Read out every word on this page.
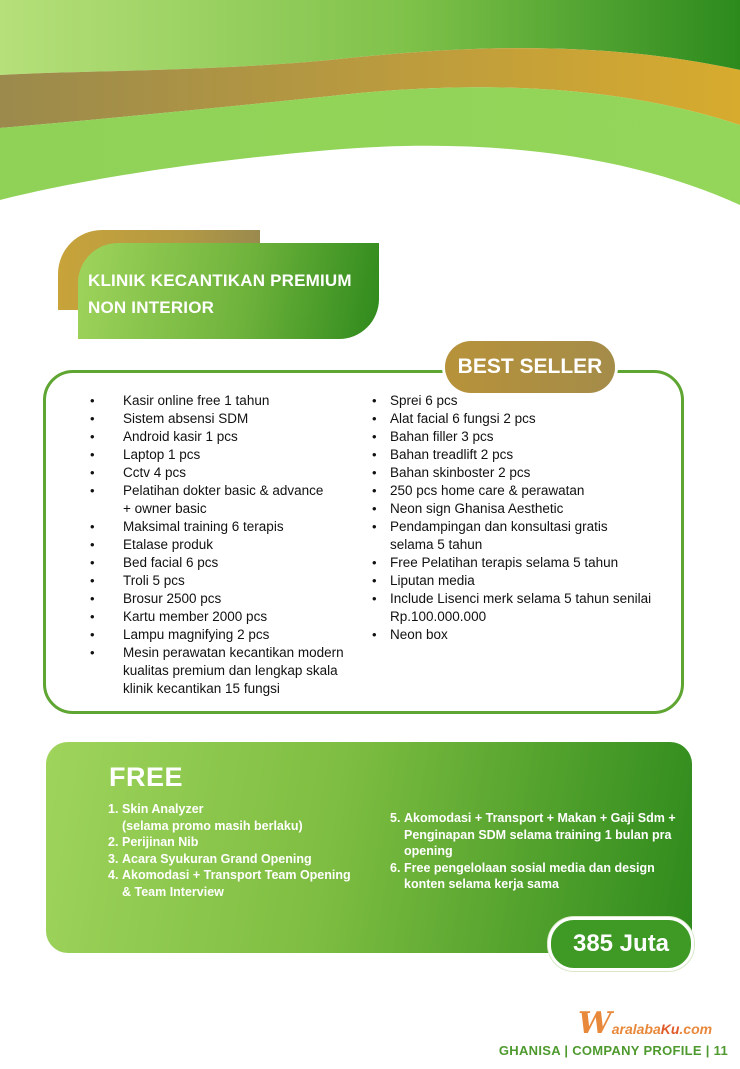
KLINIK KECANTIKAN PREMIUM
NON INTERIOR
BEST SELLER
• Kasir online free 1 tahun
• Sistem absensi SDM
• Android kasir 1 pcs
• Laptop 1 pcs
• Cctv 4 pcs
• Pelatihan dokter basic & advance
+ owner basic
• Maksimal training 6 terapis
• Etalase produk
• Bed facial 6 pcs
• Troli 5 pcs
• Brosur 2500 pcs
• Kartu member 2000 pcs
• Lampu magnifying 2 pcs
• Mesin perawatan kecantikan modern
kualitas premium dan lengkap skala
klinik kecantikan 15 fungsi
• Sprei 6 pcs
• Alat facial 6 fungsi 2 pcs
• Bahan filler 3 pcs
• Bahan treadlift 2 pcs
• Bahan skinboster 2 pcs
• 250 pcs home care & perawatan
• Neon sign Ghanisa Aesthetic
• Pendampingan dan konsultasi gratis
selama 5 tahun
• Free Pelatihan terapis selama 5 tahun
• Liputan media
• Include Lisenci merk selama 5 tahun senilai
Rp.100.000.000
• Neon box
FREE
1. Skin Analyzer
(selama promo masih berlaku)
2. Perijinan Nib
3. Acara Syukuran Grand Opening
4. Akomodasi + Transport Team Opening
& Team Interview
5. Akomodasi + Transport + Makan + Gaji Sdm +
Penginapan SDM selama training 1 bulan pra
opening
6. Free pengelolaan sosial media dan design
konten selama kerja sama
385 Juta
W aralaba Ku .com
GHANISA | COMPANY PROFILE | 11
